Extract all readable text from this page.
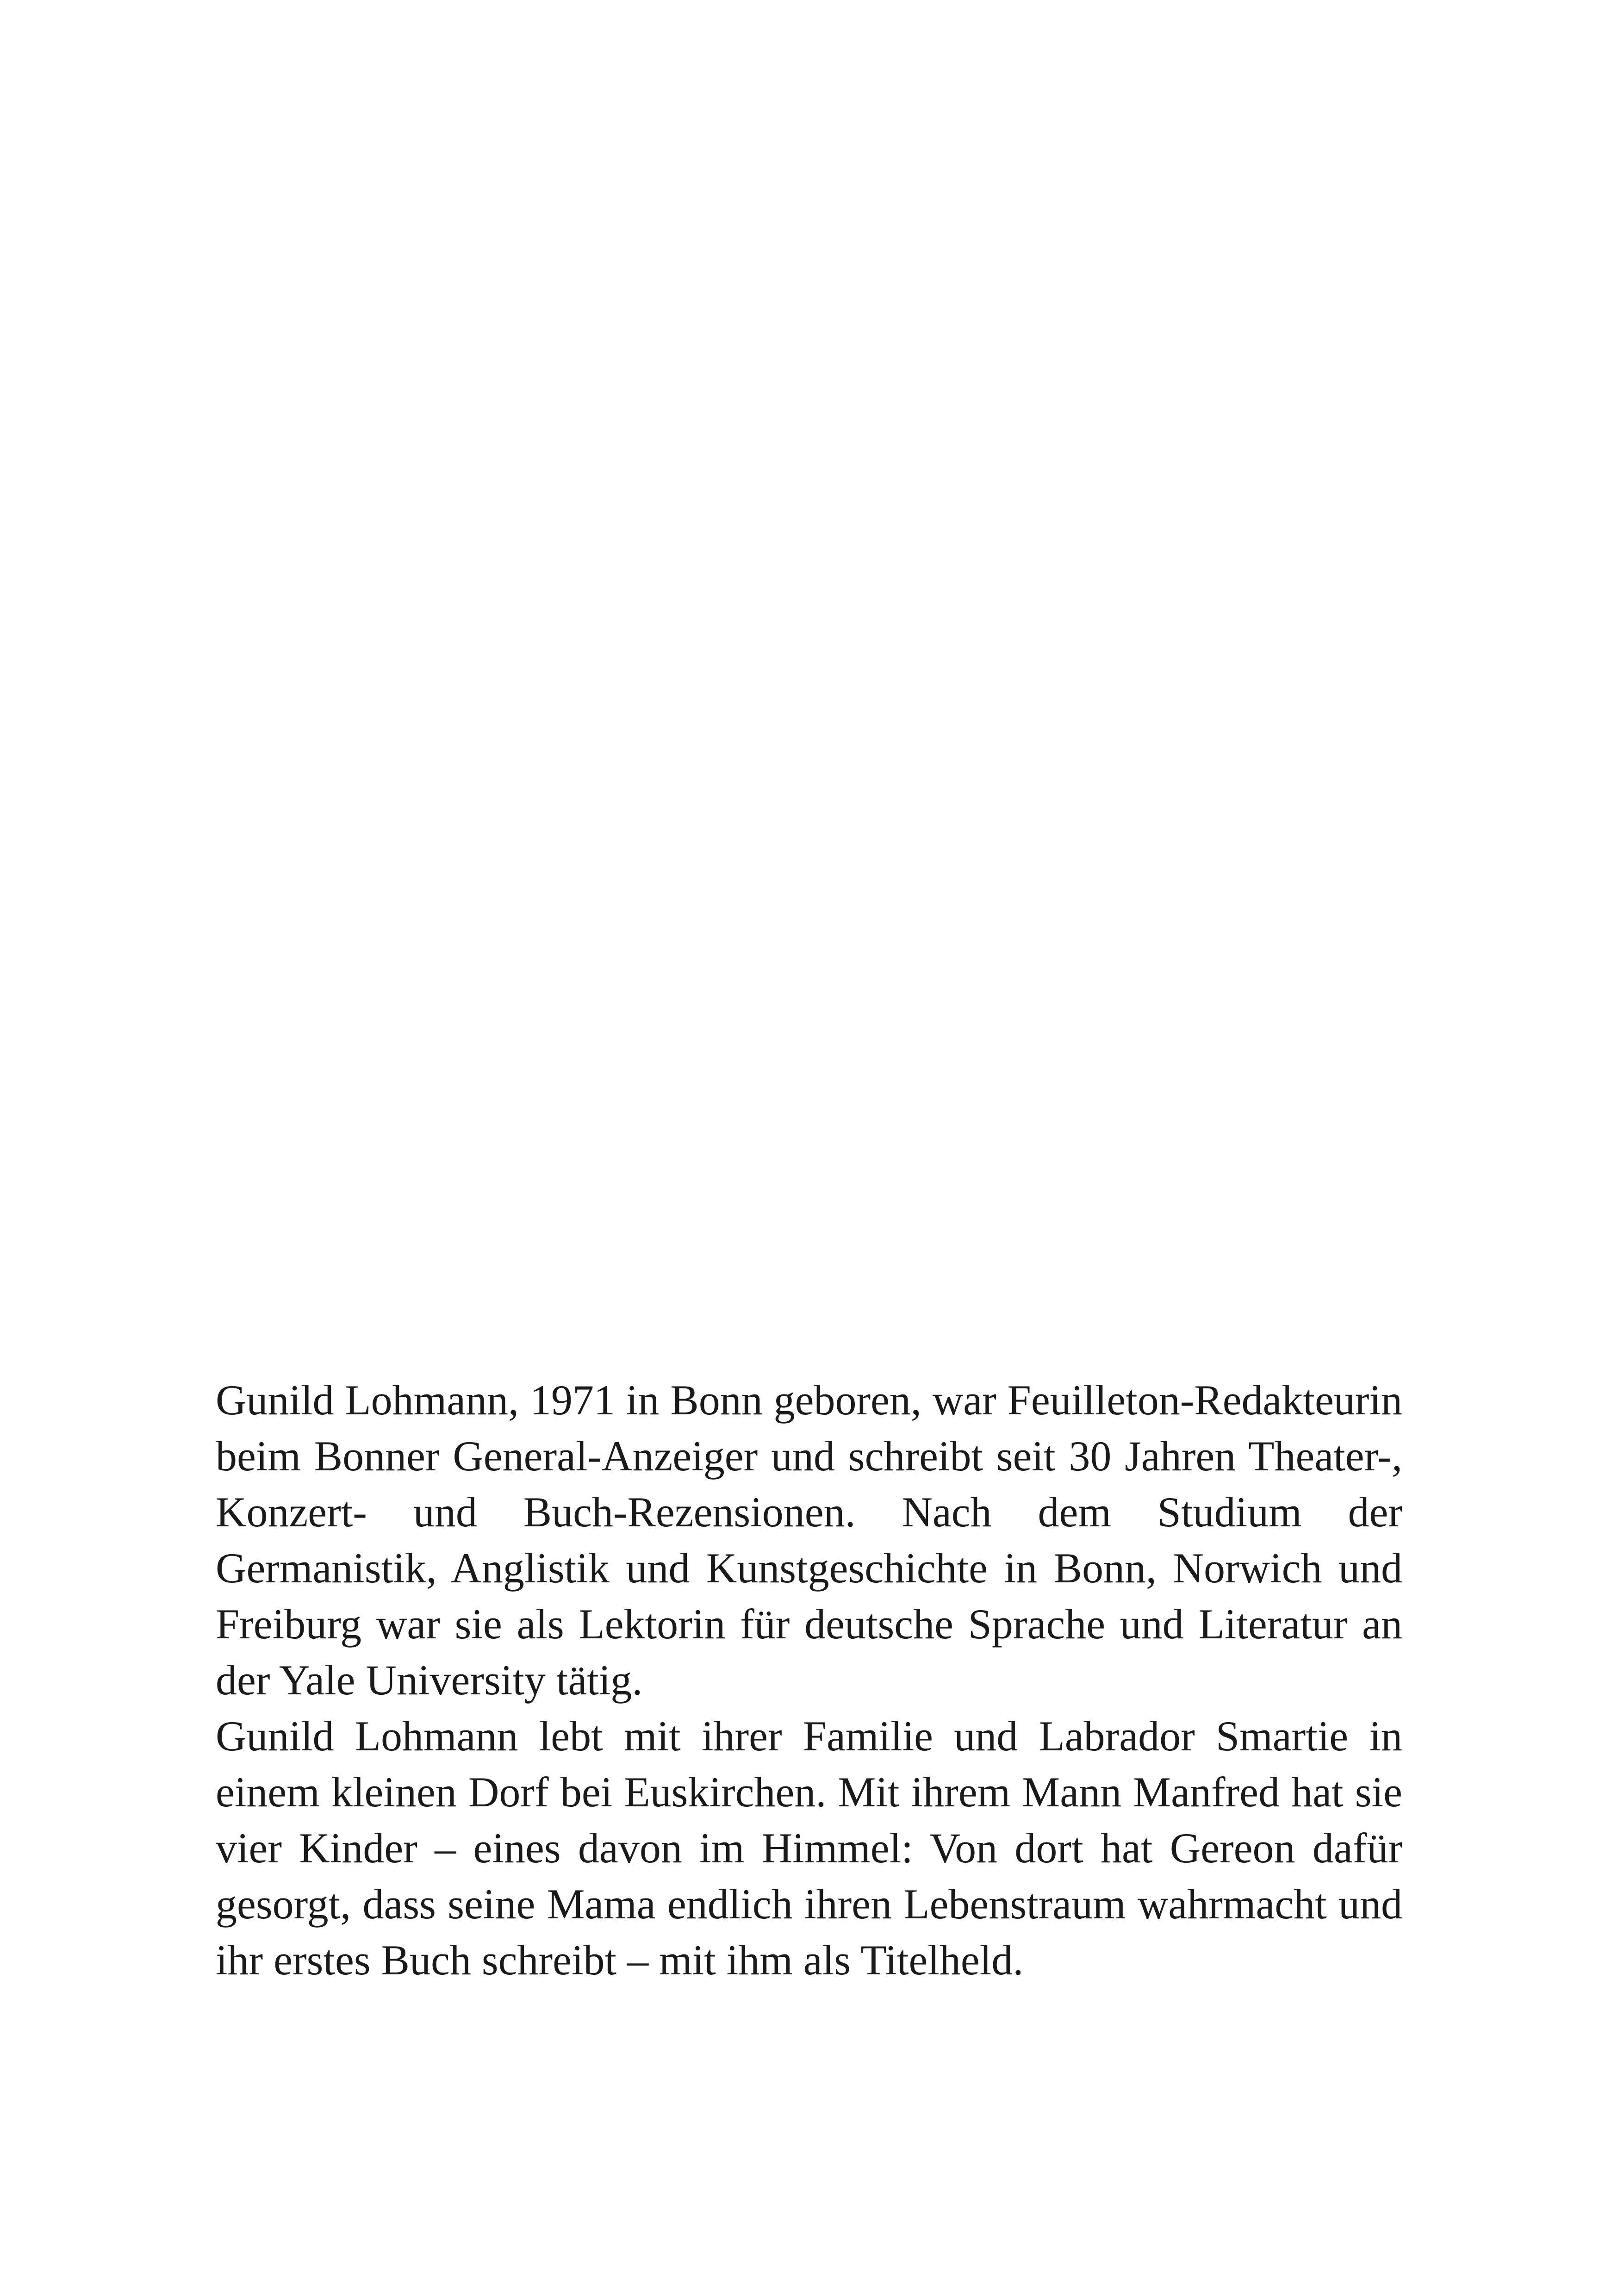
Gunild Lohmann, 1971 in Bonn geboren, war Feuilleton-Redakteurin beim Bonner General-Anzeiger und schreibt seit 30 Jahren Theater-, Konzert- und Buch-Rezensionen. Nach dem Studium der Germanistik, Anglistik und Kunstgeschichte in Bonn, Norwich und Freiburg war sie als Lektorin für deutsche Sprache und Literatur an der Yale University tätig.

Gunild Lohmann lebt mit ihrer Familie und Labrador Smartie in einem kleinen Dorf bei Euskirchen. Mit ihrem Mann Manfred hat sie vier Kinder – eines davon im Himmel: Von dort hat Gereon dafür gesorgt, dass seine Mama endlich ihren Lebenstraum wahrmacht und ihr erstes Buch schreibt – mit ihm als Titelheld.
